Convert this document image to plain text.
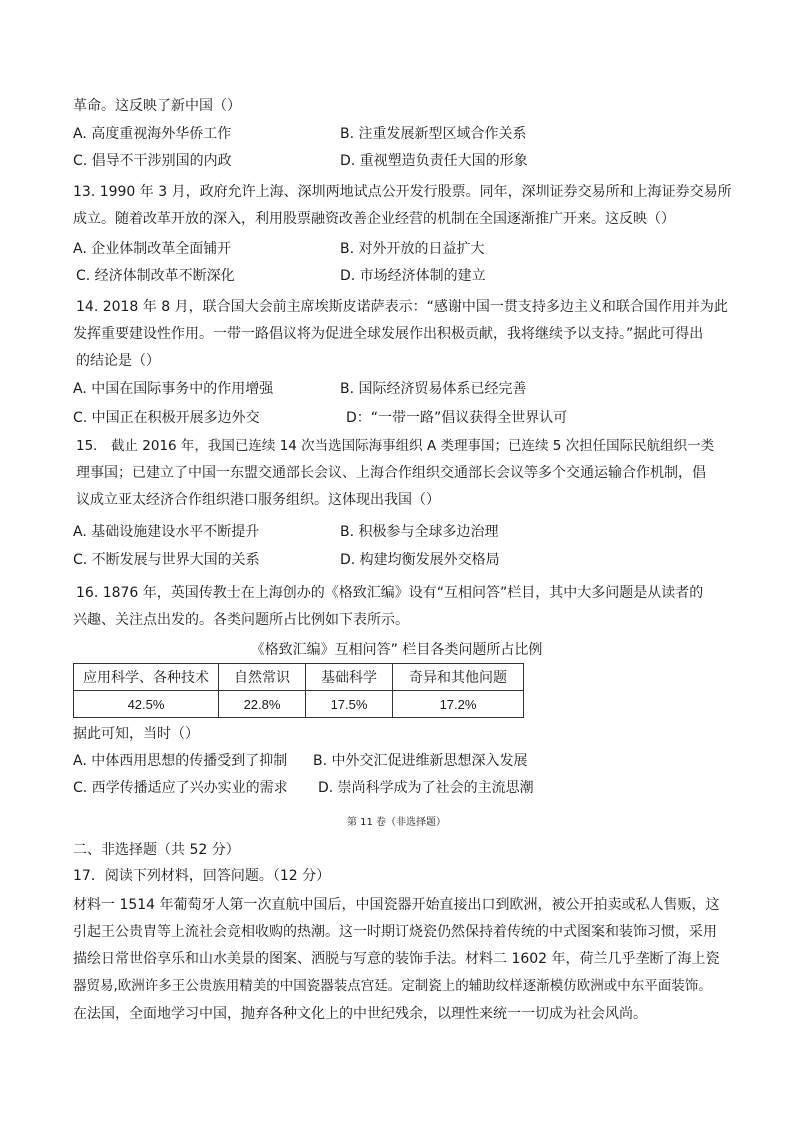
革命。这反映了新中国（）
A. 高度重视海外华侨工作	B. 注重发展新型区域合作关系
C. 倡导不干涉别国的内政	D. 重视塑造负责任大国的形象
13. 1990 年 3 月，政府允许上海、深圳两地试点公开发行股票。同年，深圳证券交易所和上海证券交易所
成立。随着改革开放的深入，利用股票融资改善企业经营的机制在全国逐渐推广开来。这反映（）
A. 企业体制改革全面铺开	B. 对外开放的日益扩大
C. 经济体制改革不断深化	D. 市场经济体制的建立
14. 2018 年 8 月，联合国大会前主席埃斯皮诺萨表示：“感谢中国一贯支持多边主义和联合国作用并为此
发挥重要建设性作用。一带一路倡议将为促进全球发展作出积极贡献，我将继续予以支持。”据此可得出
的结论是（）
A. 中国在国际事务中的作用增强	B. 国际经济贸易体系已经完善
C. 中国正在积极开展多边外交	D：“一带一路”倡议获得全世界认可
15． 截止 2016 年，我国已连续 14 次当选国际海事组织 A 类理事国；已连续 5 次担任国际民航组织一类
理事国；已建立了中国一东盟交通部长会议、上海合作组织交通部长会议等多个交通运输合作机制，倡
议成立亚太经济合作组织港口服务组织。这体现出我国（）
A. 基础设施建设水平不断提升	B. 积极参与全球多边治理
C. 不断发展与世界大国的关系	D. 构建均衡发展外交格局
16. 1876 年，英国传教士在上海创办的《格致汇编》设有“互相问答”栏目，其中大多问题是从读者的
兴趣、关注点出发的。各类问题所占比例如下表所示。
《格致汇编》互相问答” 栏目各类问题所占比例
应用科学、各种技术	自然常识	基础科学	奇异和其他问题
42.5%	22.8%	17.5%	17.2%
据此可知，当时（）
A. 中体西用思想的传播受到了抑制 B. 中外交汇促进维新思想深入发展
C. 西学传播适应了兴办实业的需求 D. 崇尚科学成为了社会的主流思潮
第 11 卷（非选择题）
二、非选择题（共 52 分）
17．阅读下列材料，回答问题。（12 分）
材料一 1514 年葡萄牙人第一次直航中国后，中国瓷器开始直接出口到欧洲，被公开拍卖或私人售贩，这
引起王公贵胄等上流社会竞相收购的热潮。这一时期订烧瓷仍然保持着传统的中式图案和装饰习惯，采用
描绘日常世俗享乐和山水美景的图案、洒脱与写意的装饰手法。材料二 1602 年，荷兰几乎垄断了海上瓷
器贸易,欧洲许多王公贵族用精美的中国瓷器装点宫廷。定制瓷上的辅助纹样逐渐模仿欧洲或中东平面装饰。
在法国，全面地学习中国，抛弃各种文化上的中世纪残余，以理性来统一一切成为社会风尚。
